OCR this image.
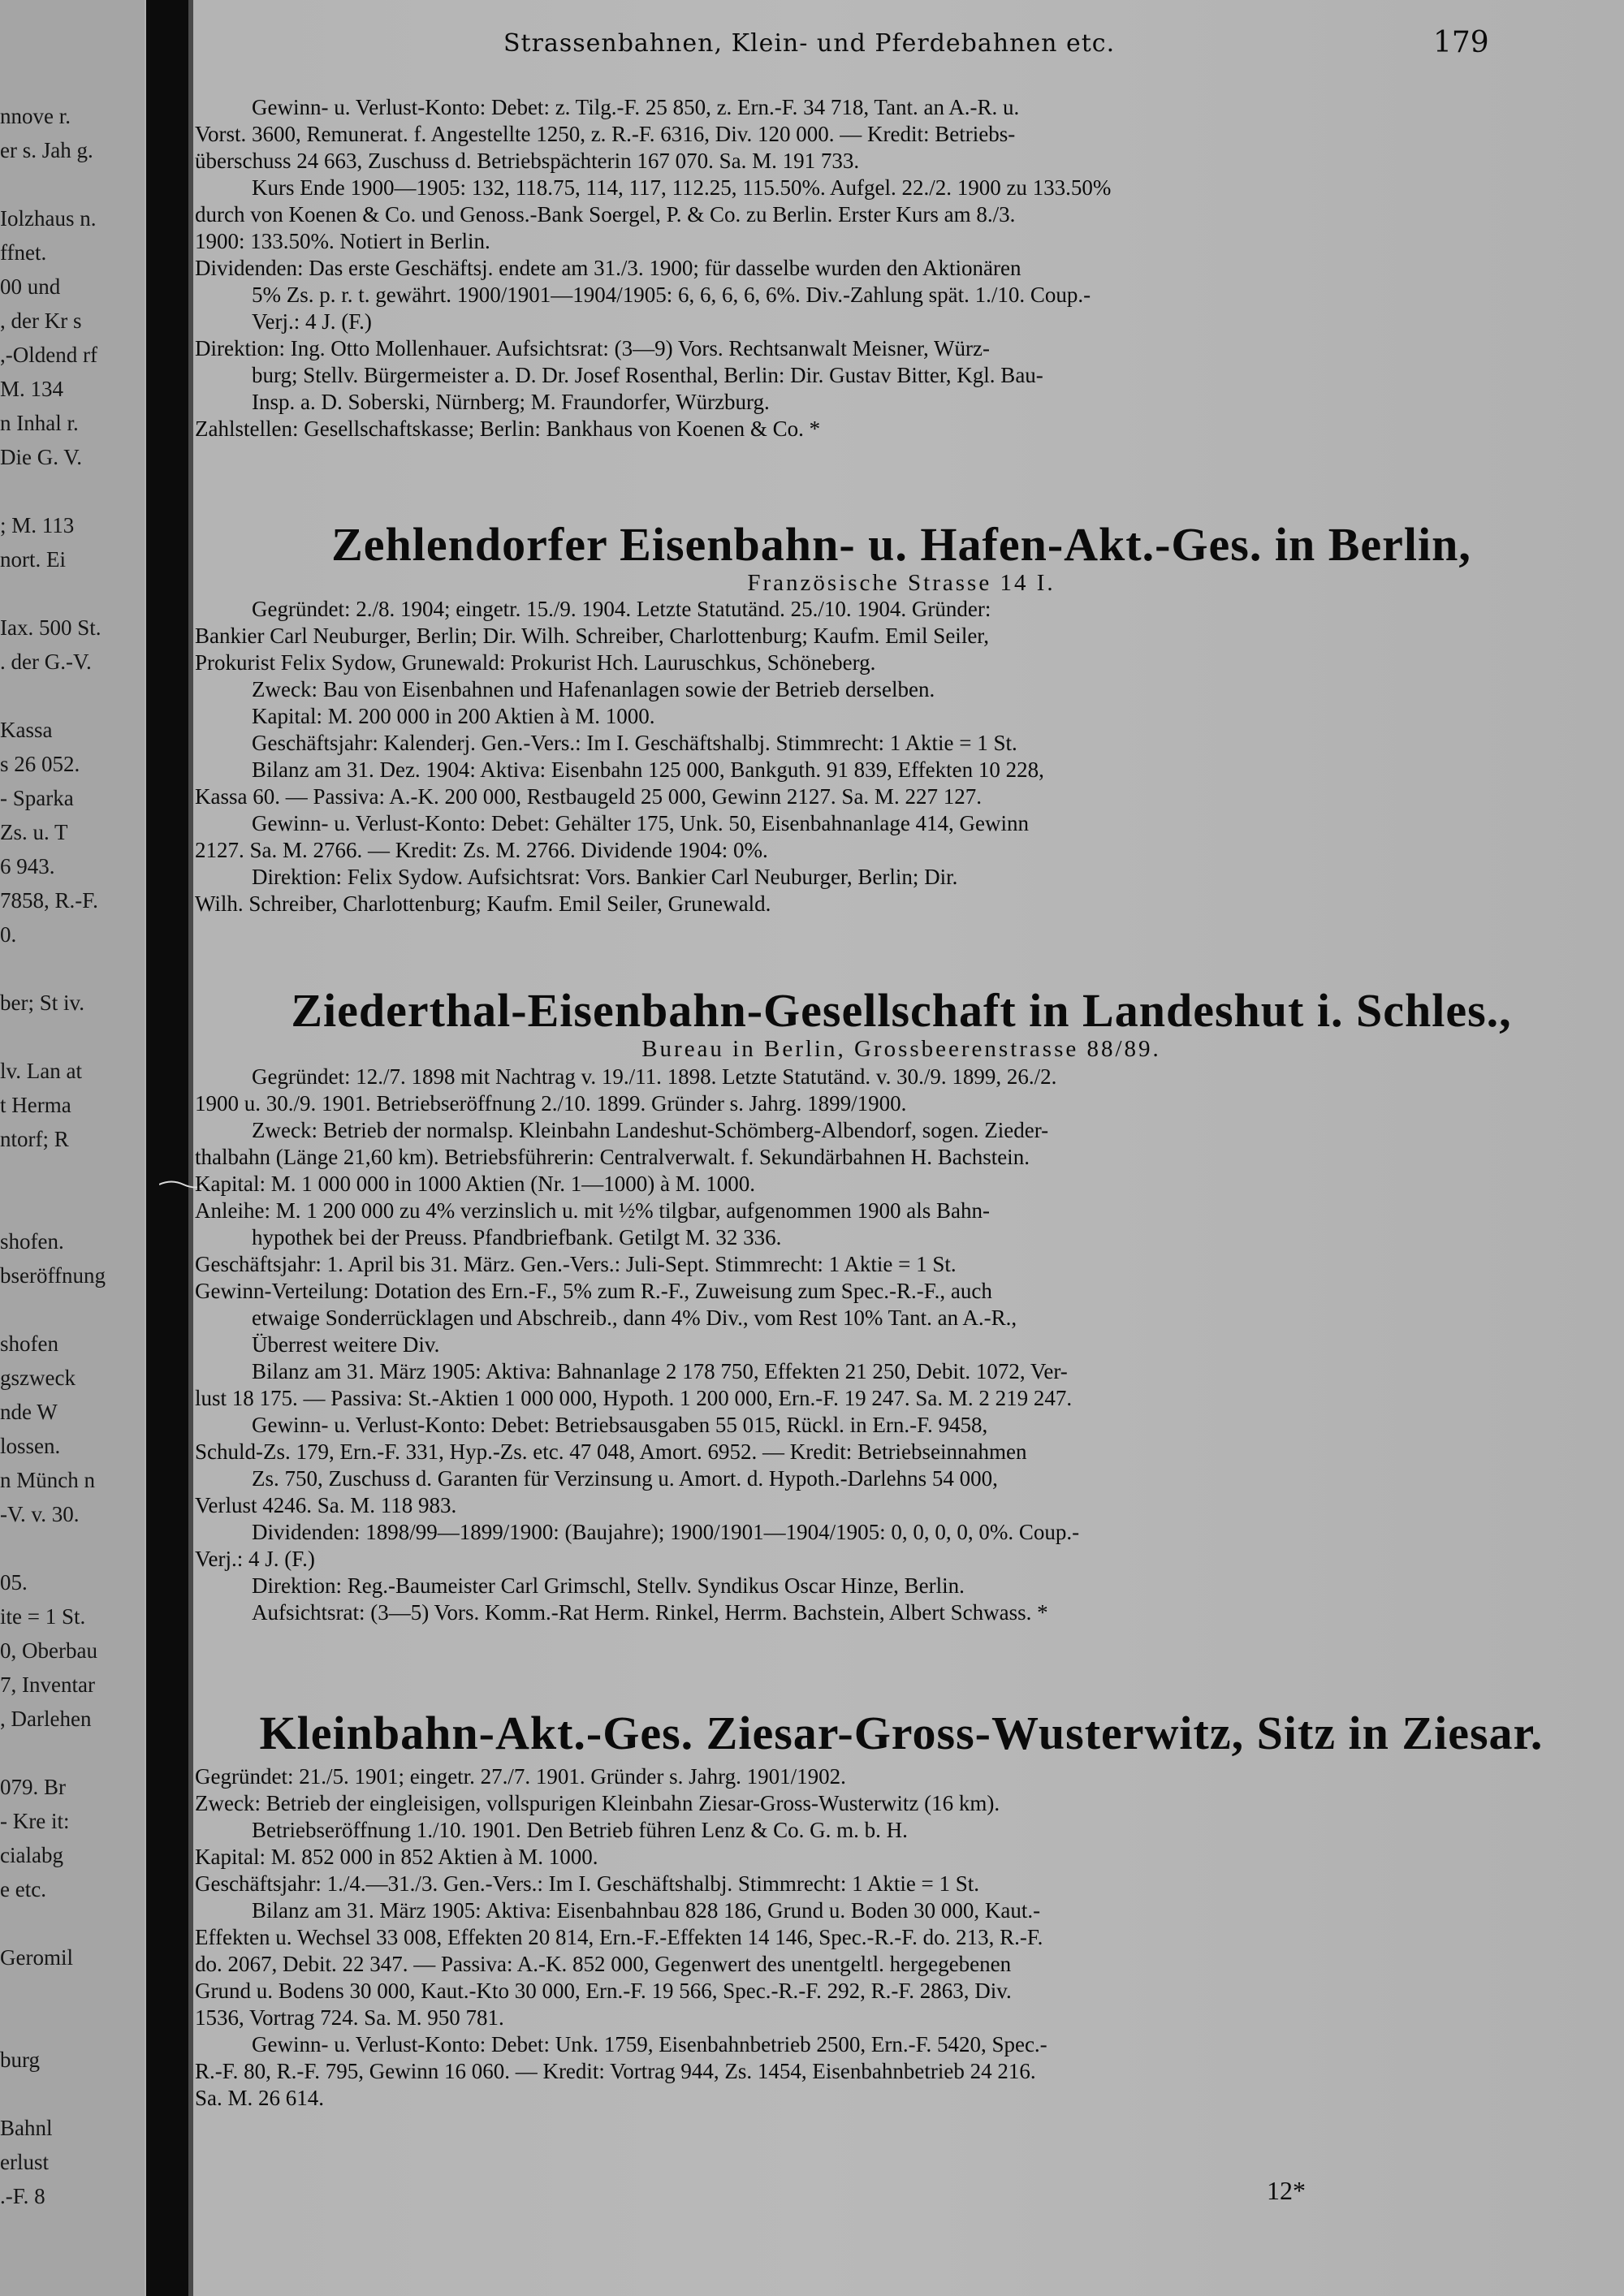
nnove r.
er s. Jah g.
Iolzhaus n.
ffnet.
00 und
, der Kr s
,-Oldend rf
M. 134
n Inhal r.
Die G. V.
; M. 113
nort. Ei
Iax. 500 St.
. der G.-V.
Kassa
s 26 052.
- Sparka
Zs. u. T
6 943.
7858, R.-F.
0.
ber; St iv.
lv. Lan at
t Herma
ntorf; R
shofen.
bseröffnung
shofen
gszweck
nde W
lossen.
n Münch n
-V. v. 30.
05.
ite = 1 St.
0, Oberbau
7, Inventar
, Darlehen
079. Br
- Kre it:
cialabg
e etc.
Geromil
burg
Bahnl
erlust
.-F. 8
Strassenbahnen, Klein- und Pferdebahnen etc.	179
Gewinn- u. Verlust-Konto: Debet: z. Tilg.-F. 25 850, z. Ern.-F. 34 718, Tant. an A.-R. u.
Vorst. 3600, Remunerat. f. Angestellte 1250, z. R.-F. 6316, Div. 120 000. — Kredit: Betriebs-
überschuss 24 663, Zuschuss d. Betriebspächterin 167 070. Sa. M. 191 733.
Kurs Ende 1900—1905: 132, 118.75, 114, 117, 112.25, 115.50%. Aufgel. 22./2. 1900 zu 133.50%
durch von Koenen & Co. und Genoss.-Bank Soergel, P. & Co. zu Berlin. Erster Kurs am 8./3.
1900: 133.50%. Notiert in Berlin.
Dividenden: Das erste Geschäftsj. endete am 31./3. 1900; für dasselbe wurden den Aktionären
5% Zs. p. r. t. gewährt. 1900/1901—1904/1905: 6, 6, 6, 6, 6%. Div.-Zahlung spät. 1./10. Coup.-
Verj.: 4 J. (F.)
Direktion: Ing. Otto Mollenhauer. Aufsichtsrat: (3—9) Vors. Rechtsanwalt Meisner, Würz-
burg; Stellv. Bürgermeister a. D. Dr. Josef Rosenthal, Berlin: Dir. Gustav Bitter, Kgl. Bau-
Insp. a. D. Soberski, Nürnberg; M. Fraundorfer, Würzburg.
Zahlstellen: Gesellschaftskasse; Berlin: Bankhaus von Koenen & Co. *
Zehlendorfer Eisenbahn- u. Hafen-Akt.-Ges. in Berlin,
Französische Strasse 14 I.
Gegründet: 2./8. 1904; eingetr. 15./9. 1904. Letzte Statutänd. 25./10. 1904. Gründer:
Bankier Carl Neuburger, Berlin; Dir. Wilh. Schreiber, Charlottenburg; Kaufm. Emil Seiler,
Prokurist Felix Sydow, Grunewald: Prokurist Hch. Lauruschkus, Schöneberg.
Zweck: Bau von Eisenbahnen und Hafenanlagen sowie der Betrieb derselben.
Kapital: M. 200 000 in 200 Aktien à M. 1000.
Geschäftsjahr: Kalenderj. Gen.-Vers.: Im I. Geschäftshalbj. Stimmrecht: 1 Aktie = 1 St.
Bilanz am 31. Dez. 1904: Aktiva: Eisenbahn 125 000, Bankguth. 91 839, Effekten 10 228,
Kassa 60. — Passiva: A.-K. 200 000, Restbaugeld 25 000, Gewinn 2127. Sa. M. 227 127.
Gewinn- u. Verlust-Konto: Debet: Gehälter 175, Unk. 50, Eisenbahnanlage 414, Gewinn
2127. Sa. M. 2766. — Kredit: Zs. M. 2766. Dividende 1904: 0%.
Direktion: Felix Sydow. Aufsichtsrat: Vors. Bankier Carl Neuburger, Berlin; Dir.
Wilh. Schreiber, Charlottenburg; Kaufm. Emil Seiler, Grunewald.
Ziederthal-Eisenbahn-Gesellschaft in Landeshut i. Schles.,
Bureau in Berlin, Grossbeerenstrasse 88/89.
Gegründet: 12./7. 1898 mit Nachtrag v. 19./11. 1898. Letzte Statutänd. v. 30./9. 1899, 26./2.
1900 u. 30./9. 1901. Betriebseröffnung 2./10. 1899. Gründer s. Jahrg. 1899/1900.
Zweck: Betrieb der normalsp. Kleinbahn Landeshut-Schömberg-Albendorf, sogen. Zieder-
thalbahn (Länge 21,60 km). Betriebsführerin: Centralverwalt. f. Sekundärbahnen H. Bachstein.
Kapital: M. 1 000 000 in 1000 Aktien (Nr. 1—1000) à M. 1000.
Anleihe: M. 1 200 000 zu 4% verzinslich u. mit ½% tilgbar, aufgenommen 1900 als Bahn-
hypothek bei der Preuss. Pfandbriefbank. Getilgt M. 32 336.
Geschäftsjahr: 1. April bis 31. März. Gen.-Vers.: Juli-Sept. Stimmrecht: 1 Aktie = 1 St.
Gewinn-Verteilung: Dotation des Ern.-F., 5% zum R.-F., Zuweisung zum Spec.-R.-F., auch
etwaige Sonderrücklagen und Abschreib., dann 4% Div., vom Rest 10% Tant. an A.-R.,
Überrest weitere Div.
Bilanz am 31. März 1905: Aktiva: Bahnanlage 2 178 750, Effekten 21 250, Debit. 1072, Ver-
lust 18 175. — Passiva: St.-Aktien 1 000 000, Hypoth. 1 200 000, Ern.-F. 19 247. Sa. M. 2 219 247.
Gewinn- u. Verlust-Konto: Debet: Betriebsausgaben 55 015, Rückl. in Ern.-F. 9458,
Schuld-Zs. 179, Ern.-F. 331, Hyp.-Zs. etc. 47 048, Amort. 6952. — Kredit: Betriebseinnahmen
Zs. 750, Zuschuss d. Garanten für Verzinsung u. Amort. d. Hypoth.-Darlehns 54 000,
Verlust 4246. Sa. M. 118 983.
Dividenden: 1898/99—1899/1900: (Baujahre); 1900/1901—1904/1905: 0, 0, 0, 0, 0%. Coup.-
Verj.: 4 J. (F.)
Direktion: Reg.-Baumeister Carl Grimschl, Stellv. Syndikus Oscar Hinze, Berlin.
Aufsichtsrat: (3—5) Vors. Komm.-Rat Herm. Rinkel, Herrm. Bachstein, Albert Schwass. *
Kleinbahn-Akt.-Ges. Ziesar-Gross-Wusterwitz, Sitz in Ziesar.
Gegründet: 21./5. 1901; eingetr. 27./7. 1901. Gründer s. Jahrg. 1901/1902.
Zweck: Betrieb der eingleisigen, vollspurigen Kleinbahn Ziesar-Gross-Wusterwitz (16 km).
Betriebseröffnung 1./10. 1901. Den Betrieb führen Lenz & Co. G. m. b. H.
Kapital: M. 852 000 in 852 Aktien à M. 1000.
Geschäftsjahr: 1./4.—31./3. Gen.-Vers.: Im I. Geschäftshalbj. Stimmrecht: 1 Aktie = 1 St.
Bilanz am 31. März 1905: Aktiva: Eisenbahnbau 828 186, Grund u. Boden 30 000, Kaut.-
Effekten u. Wechsel 33 008, Effekten 20 814, Ern.-F.-Effekten 14 146, Spec.-R.-F. do. 213, R.-F.
do. 2067, Debit. 22 347. — Passiva: A.-K. 852 000, Gegenwert des unentgeltl. hergegebenen
Grund u. Bodens 30 000, Kaut.-Kto 30 000, Ern.-F. 19 566, Spec.-R.-F. 292, R.-F. 2863, Div.
1536, Vortrag 724. Sa. M. 950 781.
Gewinn- u. Verlust-Konto: Debet: Unk. 1759, Eisenbahnbetrieb 2500, Ern.-F. 5420, Spec.-
R.-F. 80, R.-F. 795, Gewinn 16 060. — Kredit: Vortrag 944, Zs. 1454, Eisenbahnbetrieb 24 216.
Sa. M. 26 614.
12*
